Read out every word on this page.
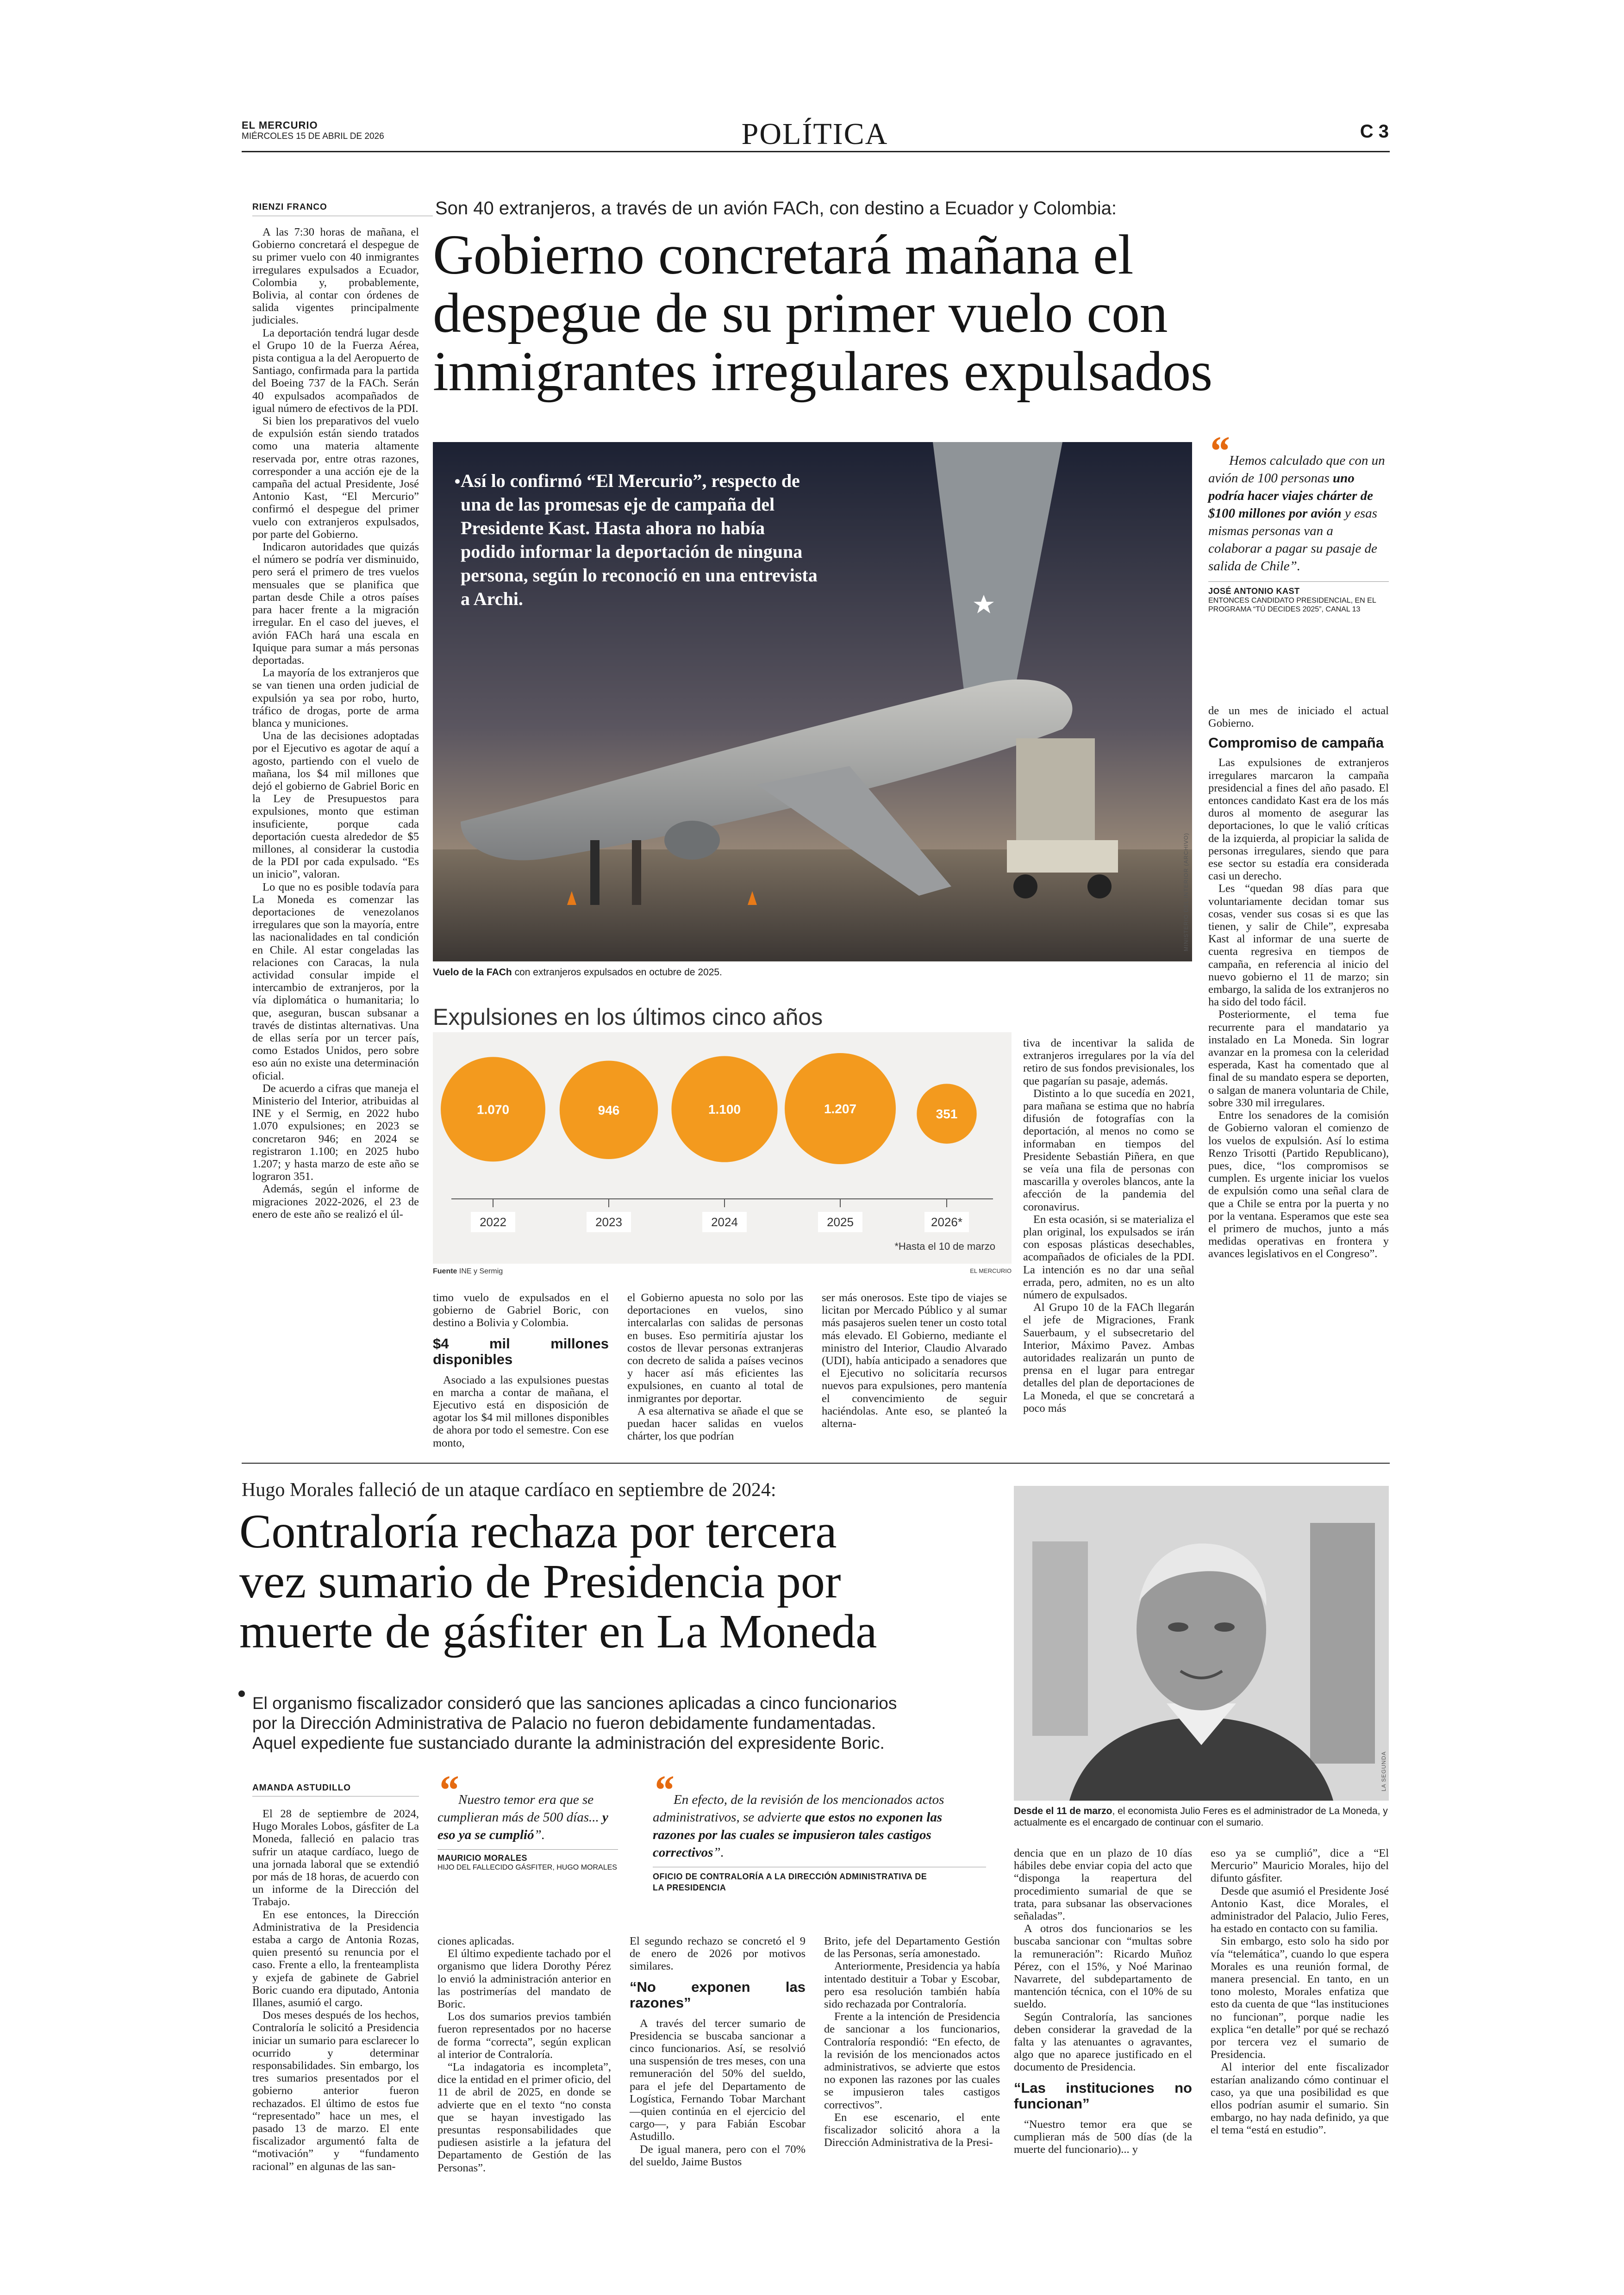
EL MERCURIO
MIÉRCOLES 15 DE ABRIL DE 2026	POLÍTICA	C 3
RIENZI FRANCO	Son 40 extranjeros, a través de un avión FACh, con destino a Ecuador y Colombia:
Gobierno concretará mañana el
despegue de su primer vuelo con
inmigrantes irregulares expulsados

A las 7:30 horas de mañana, el Gobierno concretará el despegue de su primer vuelo con 40 inmigrantes irregulares expulsados a Ecuador, Colombia y, probablemente, Bolivia, al contar con órdenes de salida vigentes principalmente judiciales.

La deportación tendrá lugar desde el Grupo 10 de la Fuerza Aérea, pista contigua a la del Aeropuerto de Santiago, confirmada para la partida del Boeing 737 de la FACh. Serán 40 expulsados acompañados de igual número de efectivos de la PDI.

Si bien los preparativos del vuelo de expulsión están siendo tratados como una materia altamente reservada por, entre otras razones, corresponder a una acción eje de la campaña del actual Presidente, José Antonio Kast, “El Mercurio” confirmó el despegue del primer vuelo con extranjeros expulsados, por parte del Gobierno.

Indicaron autoridades que quizás el número se podría ver disminuido, pero será el primero de tres vuelos mensuales que se planifica que partan desde Chile a otros países para hacer frente a la migración irregular. En el caso del jueves, el avión FACh hará una escala en Iquique para sumar a más personas deportadas.

La mayoría de los extranjeros que se van tienen una orden judicial de expulsión ya sea por robo, hurto, tráfico de drogas, porte de arma blanca y municiones.

Una de las decisiones adoptadas por el Ejecutivo es agotar de aquí a agosto, partiendo con el vuelo de mañana, los $4 mil millones que dejó el gobierno de Gabriel Boric en la Ley de Presupuestos para expulsiones, monto que estiman insuficiente, porque cada deportación cuesta alrededor de $5 millones, al considerar la custodia de la PDI por cada expulsado. “Es un inicio”, valoran.

Lo que no es posible todavía para La Moneda es comenzar las deportaciones de venezolanos irregulares que son la mayoría, entre las nacionalidades en tal condición en Chile. Al estar congeladas las relaciones con Caracas, la nula actividad consular impide el intercambio de extranjeros, por la vía diplomática o humanitaria; lo que, aseguran, buscan subsanar a través de distintas alternativas. Una de ellas sería por un tercer país, como Estados Unidos, pero sobre eso aún no existe una determinación oficial.

De acuerdo a cifras que maneja el Ministerio del Interior, atribuidas al INE y el Sermig, en 2022 hubo 1.070 expulsiones; en 2023 se concretaron 946; en 2024 se registraron 1.100; en 2025 hubo 1.207; y hasta marzo de este año se lograron 351.

Además, según el informe de migraciones 2022-2026, el 23 de enero de este año se realizó el úl-

Así lo confirmó “El Mercurio”, respecto de una de las promesas eje de campaña del Presidente Kast. Hasta ahora no había podido informar la deportación de ninguna persona, según lo reconoció en una entrevista a Archi.
MINISTERIO DEL INTERIOR (ARCHIVO)
Vuelo de la FACh con extranjeros expulsados en octubre de 2025.
“Hemos calculado que con un avión de 100 personas uno podría hacer viajes chárter de $100 millones por avión y esas mismas personas van a colaborar a pagar su pasaje de salida de Chile”.
JOSÉ ANTONIO KAST
ENTONCES CANDIDATO PRESIDENCIAL, EN EL PROGRAMA “TÚ DECIDES 2025”, CANAL 13

de un mes de iniciado el actual Gobierno.

Compromiso de campaña

Las expulsiones de extranjeros irregulares marcaron la campaña presidencial a fines del año pasado. El entonces candidato Kast era de los más duros al momento de asegurar las deportaciones, lo que le valió críticas de la izquierda, al propiciar la salida de personas irregulares, siendo que para ese sector su estadía era considerada casi un derecho.

Les “quedan 98 días para que voluntariamente decidan tomar sus cosas, vender sus cosas si es que las tienen, y salir de Chile”, expresaba Kast al informar de una suerte de cuenta regresiva en tiempos de campaña, en referencia al inicio del nuevo gobierno el 11 de marzo; sin embargo, la salida de los extranjeros no ha sido del todo fácil.

Posteriormente, el tema fue recurrente para el mandatario ya instalado en La Moneda. Sin lograr avanzar en la promesa con la celeridad esperada, Kast ha comentado que al final de su mandato espera se deporten, o salgan de manera voluntaria de Chile, sobre 330 mil irregulares.

Entre los senadores de la comisión de Gobierno valoran el comienzo de los vuelos de expulsión. Así lo estima Renzo Trisotti (Partido Republicano), pues, dice, “los compromisos se cumplen. Es urgente iniciar los vuelos de expulsión como una señal clara de que a Chile se entra por la puerta y no por la ventana. Esperamos que este sea el primero de muchos, junto a más medidas operativas en frontera y avances legislativos en el Congreso”.

Expulsiones en los últimos cinco años
1.070
2022
946
2023
1.100
2024
1.207
2025
351
2026*
*Hasta el 10 de marzo
Fuente INE y Sermig	EL MERCURIO

tiva de incentivar la salida de extranjeros irregulares por la vía del retiro de sus fondos previsionales, los que pagarían su pasaje, además.

Distinto a lo que sucedía en 2021, para mañana se estima que no habría difusión de fotografías con la deportación, al menos no como se informaban en tiempos del Presidente Sebastián Piñera, en que se veía una fila de personas con mascarilla y overoles blancos, ante la afección de la pandemia del coronavirus.

En esta ocasión, si se materializa el plan original, los expulsados se irán con esposas plásticas desechables, acompañados de oficiales de la PDI. La intención es no dar una señal errada, pero, admiten, no es un alto número de expulsados.

Al Grupo 10 de la FACh llegarán el jefe de Migraciones, Frank Sauerbaum, y el subsecretario del Interior, Máximo Pavez. Ambas autoridades realizarán un punto de prensa en el lugar para entregar detalles del plan de deportaciones de La Moneda, el que se concretará a poco más

timo vuelo de expulsados en el gobierno de Gabriel Boric, con destino a Bolivia y Colombia.

$4 mil millones disponibles

Asociado a las expulsiones puestas en marcha a contar de mañana, el Ejecutivo está en disposición de agotar los $4 mil millones disponibles de ahora por todo el semestre. Con ese monto,

el Gobierno apuesta no solo por las deportaciones en vuelos, sino intercalarlas con salidas de personas en buses. Eso permitiría ajustar los costos de llevar personas extranjeras con decreto de salida a países vecinos y hacer así más eficientes las expulsiones, en cuanto al total de inmigrantes por deportar.

A esa alternativa se añade el que se puedan hacer salidas en vuelos chárter, los que podrían

ser más onerosos. Este tipo de viajes se licitan por Mercado Público y al sumar más pasajeros suelen tener un costo total más elevado. El Gobierno, mediante el ministro del Interior, Claudio Alvarado (UDI), había anticipado a senadores que el Ejecutivo no solicitaría recursos nuevos para expulsiones, pero mantenía el convencimiento de seguir haciéndolas. Ante eso, se planteó la alterna-

Hugo Morales falleció de un ataque cardíaco en septiembre de 2024:
Contraloría rechaza por tercera
vez sumario de Presidencia por
muerte de gásfiter en La Moneda
El organismo fiscalizador consideró que las sanciones aplicadas a cinco funcionarios
por la Dirección Administrativa de Palacio no fueron debidamente fundamentadas.
Aquel expediente fue sustanciado durante la administración del expresidente Boric.
LA SEGUNDA
Desde el 11 de marzo, el economista Julio Feres es el administrador de La Moneda, y actualmente es el encargado de continuar con el sumario.
AMANDA ASTUDILLO “Nuestro temor era que se cumplieran más de 500 días... y eso ya se cumplió”.
MAURICIO MORALES
HIJO DEL FALLECIDO GÁSFITER, HUGO MORALES
“En efecto, de la revisión de los mencionados actos administrativos, se advierte que estos no exponen las razones por las cuales se impusieron tales castigos correctivos”.
OFICIO DE CONTRALORÍA A LA DIRECCIÓN ADMINISTRATIVA DE LA PRESIDENCIA

El 28 de septiembre de 2024, Hugo Morales Lobos, gásfiter de La Moneda, falleció en palacio tras sufrir un ataque cardíaco, luego de una jornada laboral que se extendió por más de 18 horas, de acuerdo con un informe de la Dirección del Trabajo.

En ese entonces, la Dirección Administrativa de la Presidencia estaba a cargo de Antonia Rozas, quien presentó su renuncia por el caso. Frente a ello, la frenteamplista y exjefa de gabinete de Gabriel Boric cuando era diputado, Antonia Illanes, asumió el cargo.

Dos meses después de los hechos, Contraloría le solicitó a Presidencia iniciar un sumario para esclarecer lo ocurrido y determinar responsabilidades. Sin embargo, los tres sumarios presentados por el gobierno anterior fueron rechazados. El último de estos fue “representado” hace un mes, el pasado 13 de marzo. El ente fiscalizador argumentó falta de “motivación” y “fundamento racional” en algunas de las san-

ciones aplicadas.

El último expediente tachado por el organismo que lidera Dorothy Pérez lo envió la administración anterior en las postrimerías del mandato de Boric.

Los dos sumarios previos también fueron representados por no hacerse de forma “correcta”, según explican al interior de Contraloría.

“La indagatoria es incompleta”, dice la entidad en el primer oficio, del 11 de abril de 2025, en donde se advierte que en el texto “no consta que se hayan investigado las presuntas responsabilidades que pudiesen asistirle a la jefatura del Departamento de Gestión de las Personas”.

El segundo rechazo se concretó el 9 de enero de 2026 por motivos similares.

“No exponen las razones”

A través del tercer sumario de Presidencia se buscaba sancionar a cinco funcionarios. Así, se resolvió una suspensión de tres meses, con una remuneración del 50% del sueldo, para el jefe del Departamento de Logística, Fernando Tobar Marchant —quien continúa en el ejercicio del cargo—, y para Fabián Escobar Astudillo.

De igual manera, pero con el 70% del sueldo, Jaime Bustos

Brito, jefe del Departamento Gestión de las Personas, sería amonestado.

Anteriormente, Presidencia ya había intentado destituir a Tobar y Escobar, pero esa resolución también había sido rechazada por Contraloría.

Frente a la intención de Presidencia de sancionar a los funcionarios, Contraloría respondió: “En efecto, de la revisión de los mencionados actos administrativos, se advierte que estos no exponen las razones por las cuales se impusieron tales castigos correctivos”.

En ese escenario, el ente fiscalizador solicitó ahora a la Dirección Administrativa de la Presi-

dencia que en un plazo de 10 días hábiles debe enviar copia del acto que “disponga la reapertura del procedimiento sumarial de que se trata, para subsanar las observaciones señaladas”.

A otros dos funcionarios se les buscaba sancionar con “multas sobre la remuneración”: Ricardo Muñoz Pérez, con el 15%, y Noé Marinao Navarrete, del subdepartamento de mantención técnica, con el 10% de su sueldo.

Según Contraloría, las sanciones deben considerar la gravedad de la falta y las atenuantes o agravantes, algo que no aparece justificado en el documento de Presidencia.

“Las instituciones no funcionan”

“Nuestro temor era que se cumplieran más de 500 días (de la muerte del funcionario)... y

eso ya se cumplió”, dice a “El Mercurio” Mauricio Morales, hijo del difunto gásfiter.

Desde que asumió el Presidente José Antonio Kast, dice Morales, el administrador del Palacio, Julio Feres, ha estado en contacto con su familia.

Sin embargo, esto solo ha sido por vía “telemática”, cuando lo que espera Morales es una reunión formal, de manera presencial. En tanto, en un tono molesto, Morales enfatiza que esto da cuenta de que “las instituciones no funcionan”, porque nadie les explica “en detalle” por qué se rechazó por tercera vez el sumario de Presidencia.

Al interior del ente fiscalizador estarían analizando cómo continuar el caso, ya que una posibilidad es que ellos podrían asumir el sumario. Sin embargo, no hay nada definido, ya que el tema “está en estudio”.
